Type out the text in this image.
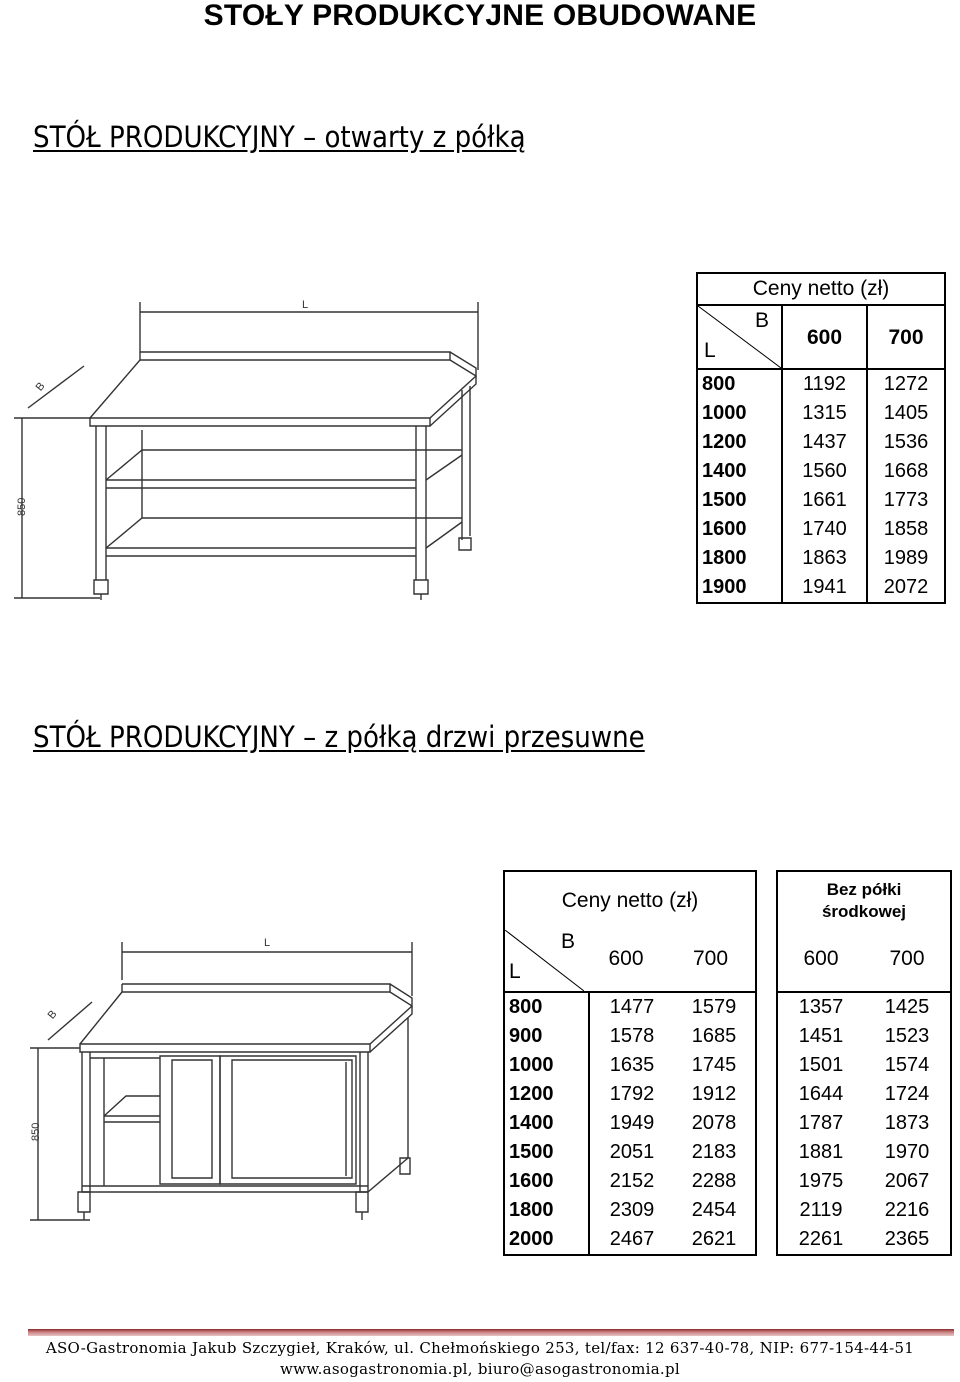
STOŁY PRODUKCYJNE OBUDOWANE
STÓŁ PRODUKCYJNY – otwarty z półką
L
B
850
Ceny netto (zł)		

B
L	600	700
800	1192	1272
1000	1315	1405
1200	1437	1536
1400	1560	1668
1500	1661	1773
1600	1740	1858
1800	1863	1989
1900	1941	2072
STÓŁ PRODUKCYJNY – z półką drzwi przesuwne
L
B
850
Ceny netto (zł)
B
L
600	700
800	1477	1579
900	1578	1685
1000	1635	1745
1200	1792	1912
1400	1949	2078
1500	2051	2183
1600	2152	2288
1800	2309	2454
2000	2467	2621
Bez półki
środkowej
600	700
1357	1425
1451	1523
1501	1574
1644	1724
1787	1873
1881	1970
1975	2067
2119	2216
2261	2365
ASO-Gastronomia Jakub Szczygieł, Kraków, ul. Chełmońskiego 253, tel/fax: 12 637-40-78, NIP: 677-154-44-51
www.asogastronomia.pl, biuro@asogastronomia.pl
